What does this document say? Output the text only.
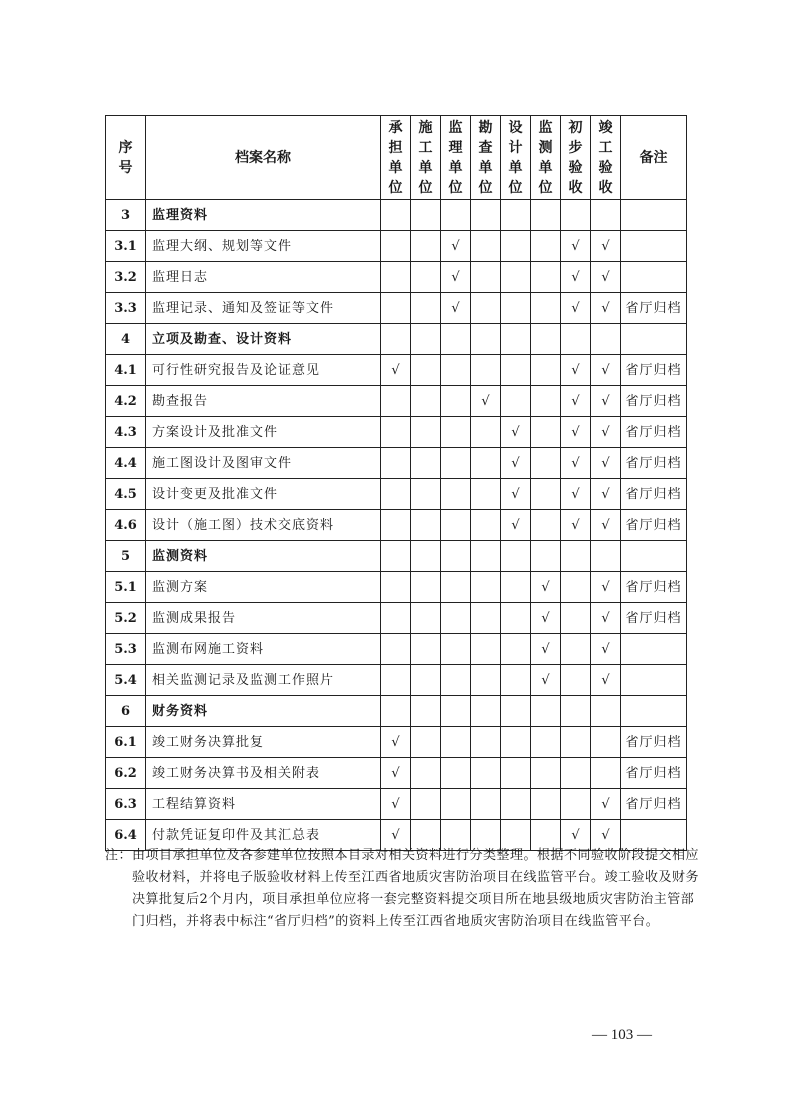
序号	档案名称	承担单位	施工单位	监理单位	勘查单位	设计单位	监测单位	初步验收	竣工验收	备注
3	监理资料									
3.1	监理大纲、规划等文件			√				√	√	
3.2	监理日志			√				√	√	
3.3	监理记录、通知及签证等文件			√				√	√	省厅归档
4	立项及勘查、设计资料									
4.1	可行性研究报告及论证意见	√						√	√	省厅归档
4.2	勘查报告				√			√	√	省厅归档
4.3	方案设计及批准文件					√		√	√	省厅归档
4.4	施工图设计及图审文件					√		√	√	省厅归档
4.5	设计变更及批准文件					√		√	√	省厅归档
4.6	设计（施工图）技术交底资料					√		√	√	省厅归档
5	监测资料									
5.1	监测方案						√		√	省厅归档
5.2	监测成果报告						√		√	省厅归档
5.3	监测布网施工资料						√		√	
5.4	相关监测记录及监测工作照片						√		√	
6	财务资料									
6.1	竣工财务决算批复	√								省厅归档
6.2	竣工财务决算书及相关附表	√								省厅归档
6.3	工程结算资料	√							√	省厅归档
6.4	付款凭证复印件及其汇总表	√						√	√	
注： 由项目承担单位及各参建单位按照本目录对相关资料进行分类整理。根据不同验收阶段提交相应验收材料，并将电子版验收材料上传至江西省地质灾害防治项目在线监管平台。竣工验收及财务决算批复后2个月内，项目承担单位应将一套完整资料提交项目所在地县级地质灾害防治主管部门归档，并将表中标注“省厅归档”的资料上传至江西省地质灾害防治项目在线监管平台。
— 103 —
